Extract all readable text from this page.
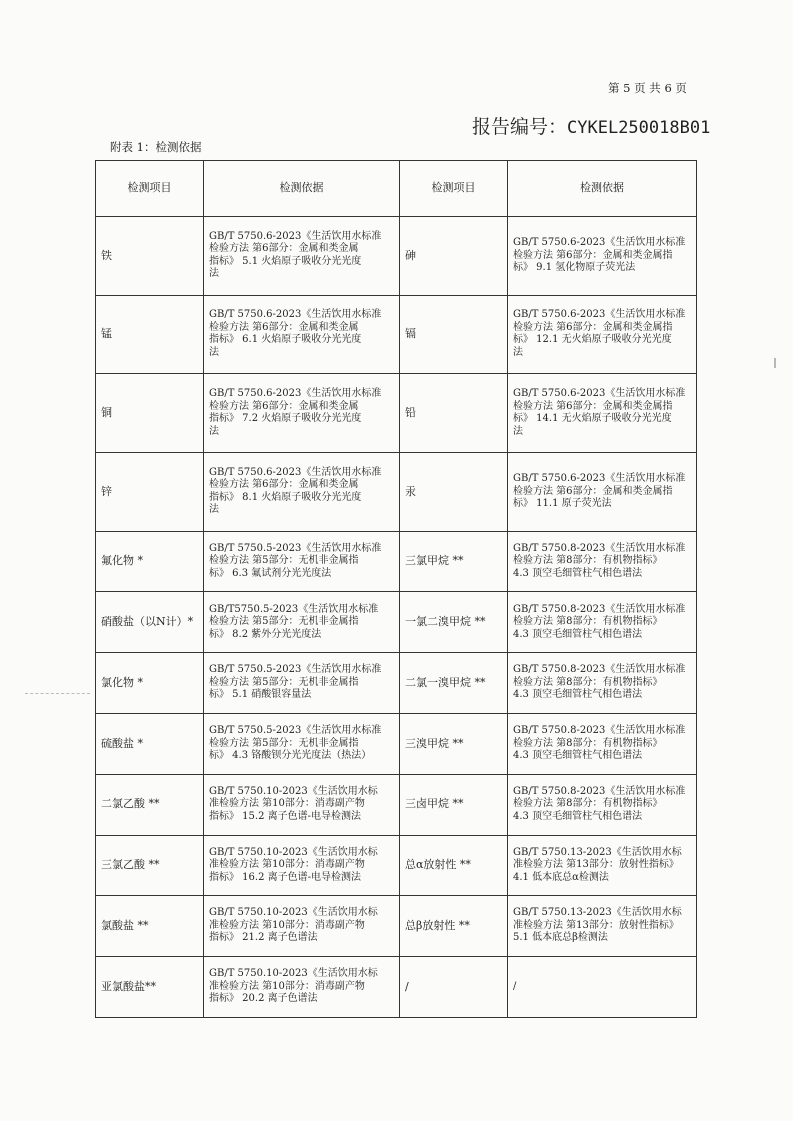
第 5 页 共 6 页
报告编号：CYKEL250018B01
附表 1：检测依据
检测项目	检测依据	检测项目	检测依据
铁	GB/T 5750.6-2023《生活饮用水标准
检验方法 第6部分：金属和类金属
指标》 5.1 火焰原子吸收分光光度
法	砷	GB/T 5750.6-2023《生活饮用水标准
检验方法 第6部分：金属和类金属指
标》 9.1 氢化物原子荧光法
锰	GB/T 5750.6-2023《生活饮用水标准
检验方法 第6部分：金属和类金属
指标》 6.1 火焰原子吸收分光光度
法	镉	GB/T 5750.6-2023《生活饮用水标准
检验方法 第6部分：金属和类金属指
标》 12.1 无火焰原子吸收分光光度
法
铜	GB/T 5750.6-2023《生活饮用水标准
检验方法 第6部分：金属和类金属
指标》 7.2 火焰原子吸收分光光度
法	铅	GB/T 5750.6-2023《生活饮用水标准
检验方法 第6部分：金属和类金属指
标》 14.1 无火焰原子吸收分光光度
法
锌	GB/T 5750.6-2023《生活饮用水标准
检验方法 第6部分：金属和类金属
指标》 8.1 火焰原子吸收分光光度
法	汞	GB/T 5750.6-2023《生活饮用水标准
检验方法 第6部分：金属和类金属指
标》 11.1 原子荧光法
氟化物 *	GB/T 5750.5-2023《生活饮用水标准
检验方法 第5部分：无机非金属指
标》 6.3 氟试剂分光光度法	三氯甲烷 **	GB/T 5750.8-2023《生活饮用水标准
检验方法 第8部分：有机物指标》
4.3 顶空毛细管柱气相色谱法
硝酸盐（以N计）*	GB/T5750.5-2023《生活饮用水标准
检验方法 第5部分：无机非金属指
标》 8.2 紫外分光光度法	一氯二溴甲烷 **	GB/T 5750.8-2023《生活饮用水标准
检验方法 第8部分：有机物指标》
4.3 顶空毛细管柱气相色谱法
氯化物 *	GB/T 5750.5-2023《生活饮用水标准
检验方法 第5部分：无机非金属指
标》 5.1 硝酸银容量法	二氯一溴甲烷 **	GB/T 5750.8-2023《生活饮用水标准
检验方法 第8部分：有机物指标》
4.3 顶空毛细管柱气相色谱法
硫酸盐 *	GB/T 5750.5-2023《生活饮用水标准
检验方法 第5部分：无机非金属指
标》 4.3 铬酸钡分光光度法（热法）	三溴甲烷 **	GB/T 5750.8-2023《生活饮用水标准
检验方法 第8部分：有机物指标》
4.3 顶空毛细管柱气相色谱法
二氯乙酸 **	GB/T 5750.10-2023《生活饮用水标
准检验方法 第10部分：消毒副产物
指标》 15.2 离子色谱-电导检测法	三卤甲烷 **	GB/T 5750.8-2023《生活饮用水标准
检验方法 第8部分：有机物指标》
4.3 顶空毛细管柱气相色谱法
三氯乙酸 **	GB/T 5750.10-2023《生活饮用水标
准检验方法 第10部分：消毒副产物
指标》 16.2 离子色谱-电导检测法	总α放射性 **	GB/T 5750.13-2023《生活饮用水标
准检验方法 第13部分：放射性指标》
4.1 低本底总α检测法
氯酸盐 **	GB/T 5750.10-2023《生活饮用水标
准检验方法 第10部分：消毒副产物
指标》 21.2 离子色谱法	总β放射性 **	GB/T 5750.13-2023《生活饮用水标
准检验方法 第13部分：放射性指标》
5.1 低本底总β检测法
亚氯酸盐**	GB/T 5750.10-2023《生活饮用水标
准检验方法 第10部分：消毒副产物
指标》 20.2 离子色谱法	/	/
